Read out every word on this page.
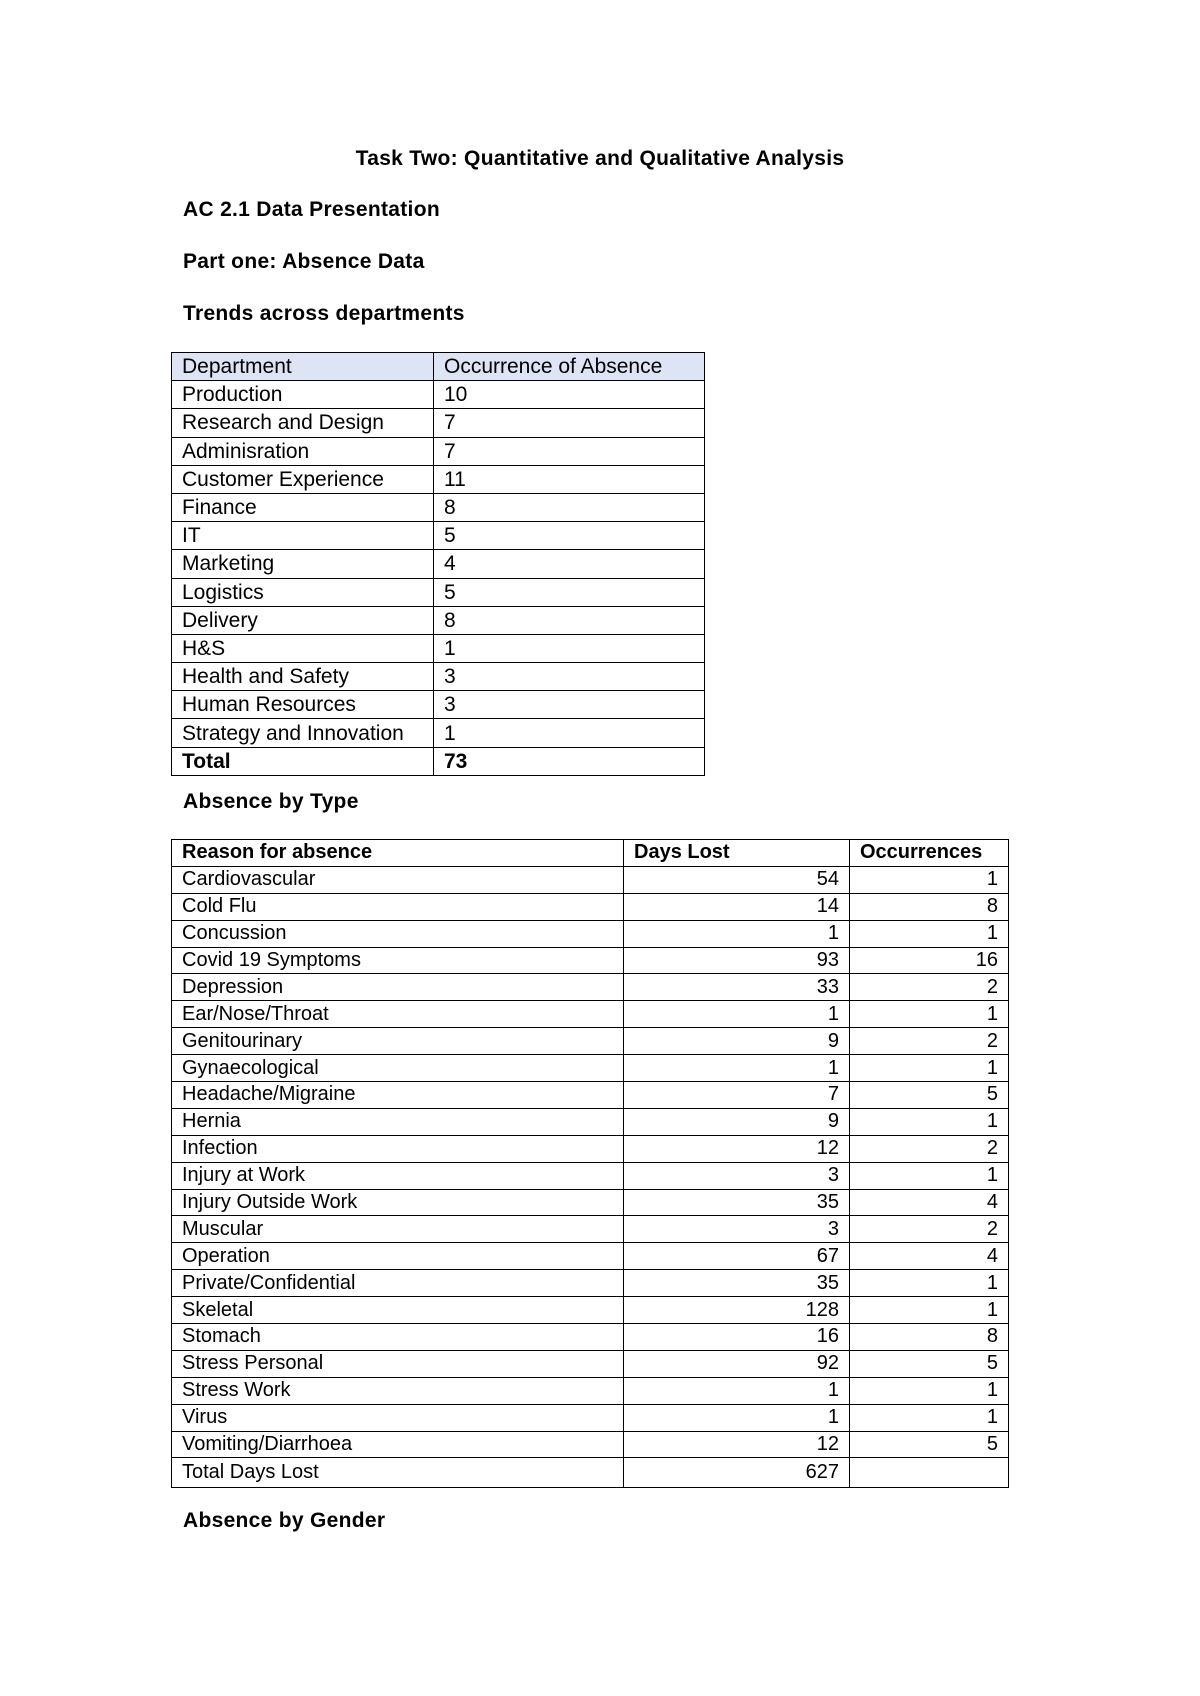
Task Two: Quantitative and Qualitative Analysis
AC 2.1 Data Presentation
Part one: Absence Data
Trends across departments
Department	Occurrence of Absence
Production	10
Research and Design	7
Adminisration	7
Customer Experience	11
Finance	8
IT	5
Marketing	4
Logistics	5
Delivery	8
H&S	1
Health and Safety	3
Human Resources	3
Strategy and Innovation	1
Total	73
Absence by Type
Reason for absence	Days Lost	Occurrences
Cardiovascular	54	1
Cold Flu	14	8
Concussion	1	1
Covid 19 Symptoms	93	16
Depression	33	2
Ear/Nose/Throat	1	1
Genitourinary	9	2
Gynaecological	1	1
Headache/Migraine	7	5
Hernia	9	1
Infection	12	2
Injury at Work	3	1
Injury Outside Work	35	4
Muscular	3	2
Operation	67	4
Private/Confidential	35	1
Skeletal	128	1
Stomach	16	8
Stress Personal	92	5
Stress Work	1	1
Virus	1	1
Vomiting/Diarrhoea	12	5
Total Days Lost	627	
Absence by Gender
